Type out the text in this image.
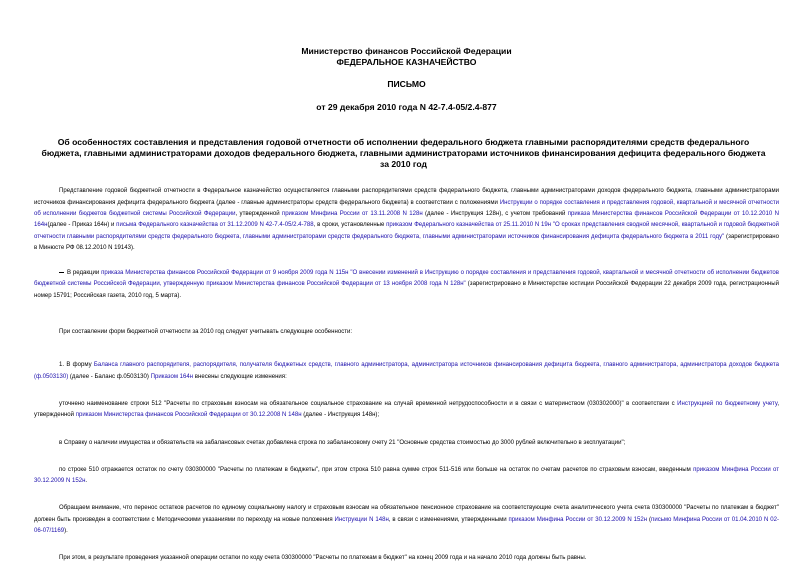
Министерство финансов Российской Федерации
ФЕДЕРАЛЬНОЕ КАЗНАЧЕЙСТВО
ПИСЬМО
от 29 декабря 2010 года N 42-7.4-05/2.4-877
Об особенностях составления и представления годовой отчетности об исполнении федерального бюджета главными распорядителями средств федерального бюджета, главными администраторами доходов федерального бюджета, главными администраторами источников финансирования дефицита федерального бюджета за 2010 год

Представление годовой бюджетной отчетности в Федеральное казначейство осуществляется главными распорядителями средств федерального бюджета, главными администраторами доходов федерального бюджета, главными администраторами источников финансирования дефицита федерального бюджета (далее - главные администраторы средств федерального бюджета) в соответствии с положениями Инструкции о порядке составления и представления годовой, квартальной и месячной отчетности об исполнении бюджетов бюджетной системы Российской Федерации, утвержденной приказом Минфина России от 13.11.2008 N 128н (далее - Инструкция 128н), с учетом требований приказа Министерства финансов Российской Федерации от 10.12.2010 N 164н(далее - Приказ 164н) и письма Федерального казначейства от 31.12.2009 N 42-7.4-05/2.4-788, в сроки, установленные приказом Федерального казначейства от 25.11.2010 N 19н "О сроках представления сводной месячной, квартальной и годовой бюджетной отчетности главными распорядителями средств федерального бюджета, главными администраторами средств федерального бюджета, главными администраторами источников финансирования дефицита федерального бюджета в 2011 году" (зарегистрировано в Минюсте РФ 08.12.2010 N 19143).

В редакции приказа Министерства финансов Российской Федерации от 9 ноября 2009 года N 115н "О внесении изменений в Инструкцию о порядке составления и представления годовой, квартальной и месячной отчетности об исполнении бюджетов бюджетной системы Российской Федерации, утвержденную приказом Министерства финансов Российской Федерации от 13 ноября 2008 года N 128н" (зарегистрировано в Министерстве юстиции Российской Федерации 22 декабря 2009 года, регистрационный номер 15791; Российская газета, 2010 год, 5 марта).

При составлении форм бюджетной отчетности за 2010 год следует учитывать следующие особенности:

1. В форму Баланса главного распорядителя, распорядителя, получателя бюджетных средств, главного администратора, администратора источников финансирования дефицита бюджета, главного администратора, администратора доходов бюджета (ф.0503130) (далее - Баланс ф.0503130) Приказом 164н внесены следующие изменения:

уточнено наименование строки 512 "Расчеты по страховым взносам на обязательное социальное страхование на случай временной нетрудоспособности и в связи с материнством (030302000)" в соответствии с Инструкцией по бюджетному учету, утвержденной приказом Министерства финансов Российской Федерации от 30.12.2008 N 148н (далее - Инструкция 148н);

в Справку о наличии имущества и обязательств на забалансовых счетах добавлена строка по забалансовому счету 21 "Основные средства стоимостью до 3000 рублей включительно в эксплуатации";

по строке 510 отражается остаток по счету 030300000 "Расчеты по платежам в бюджеты", при этом строка 510 равна сумме строк 511-516 или больше на остаток по счетам расчетов по страховым взносам, введенным приказом Минфина России от 30.12.2009 N 152н.

Обращаем внимание, что перенос остатков расчетов по единому социальному налогу и страховым взносам на обязательное пенсионное страхование на соответствующие счета аналитического учета счета 030300000 "Расчеты по платежам в бюджет" должен быть произведен в соответствии с Методическими указаниями по переходу на новые положения Инструкции N 148н, в связи с изменениями, утвержденными приказом Минфина России от 30.12.2009 N 152н (письмо Минфина России от 01.04.2010 N 02-06-07/1169).

При этом, в результате проведения указанной операции остатки по коду счета 030300000 "Расчеты по платежам в бюджет" на конец 2009 года и на начало 2010 года должны быть равны.
